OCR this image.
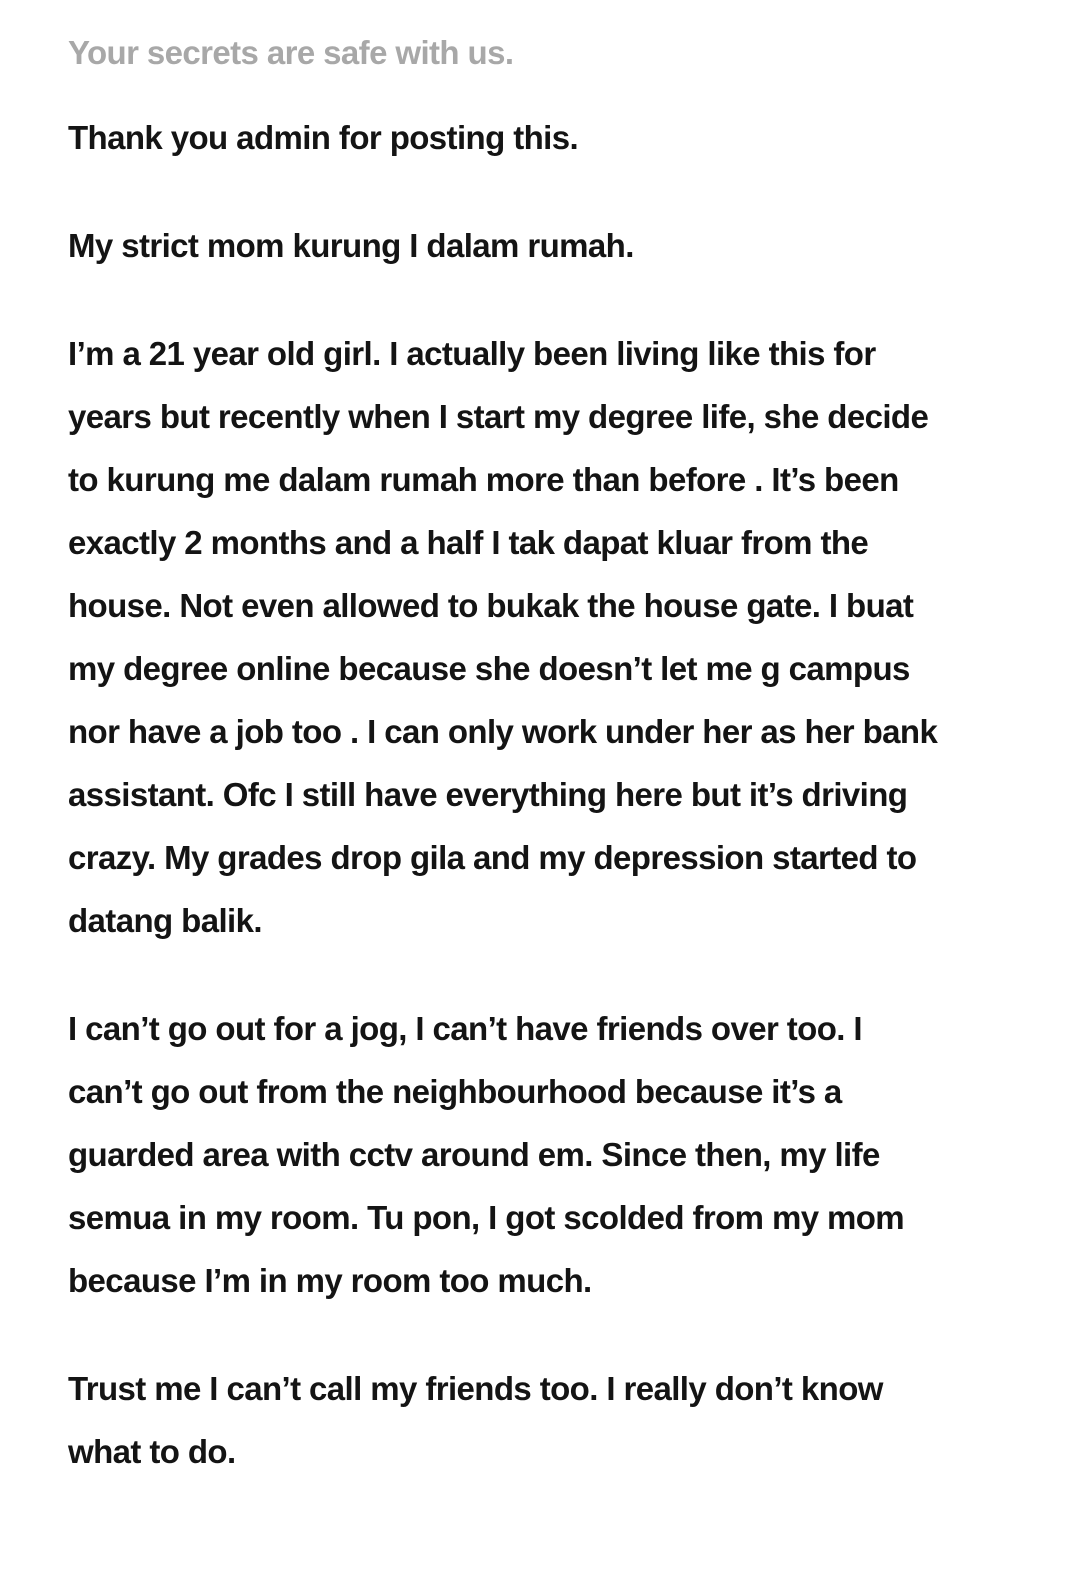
Your secrets are safe with us.

Thank you admin for posting this.

My strict mom kurung I dalam rumah.

I’m a 21 year old girl. I actually been living like this for
years but recently when I start my degree life, she decide
to kurung me dalam rumah more than before . It’s been
exactly 2 months and a half I tak dapat kluar from the
house. Not even allowed to bukak the house gate. I buat
my degree online because she doesn’t let me g campus
nor have a job too . I can only work under her as her bank
assistant. Ofc I still have everything here but it’s driving
crazy. My grades drop gila and my depression started to
datang balik.

I can’t go out for a jog, I can’t have friends over too. I
can’t go out from the neighbourhood because it’s a
guarded area with cctv around em. Since then, my life
semua in my room. Tu pon, I got scolded from my mom
because I’m in my room too much.

Trust me I can’t call my friends too. I really don’t know
what to do.
